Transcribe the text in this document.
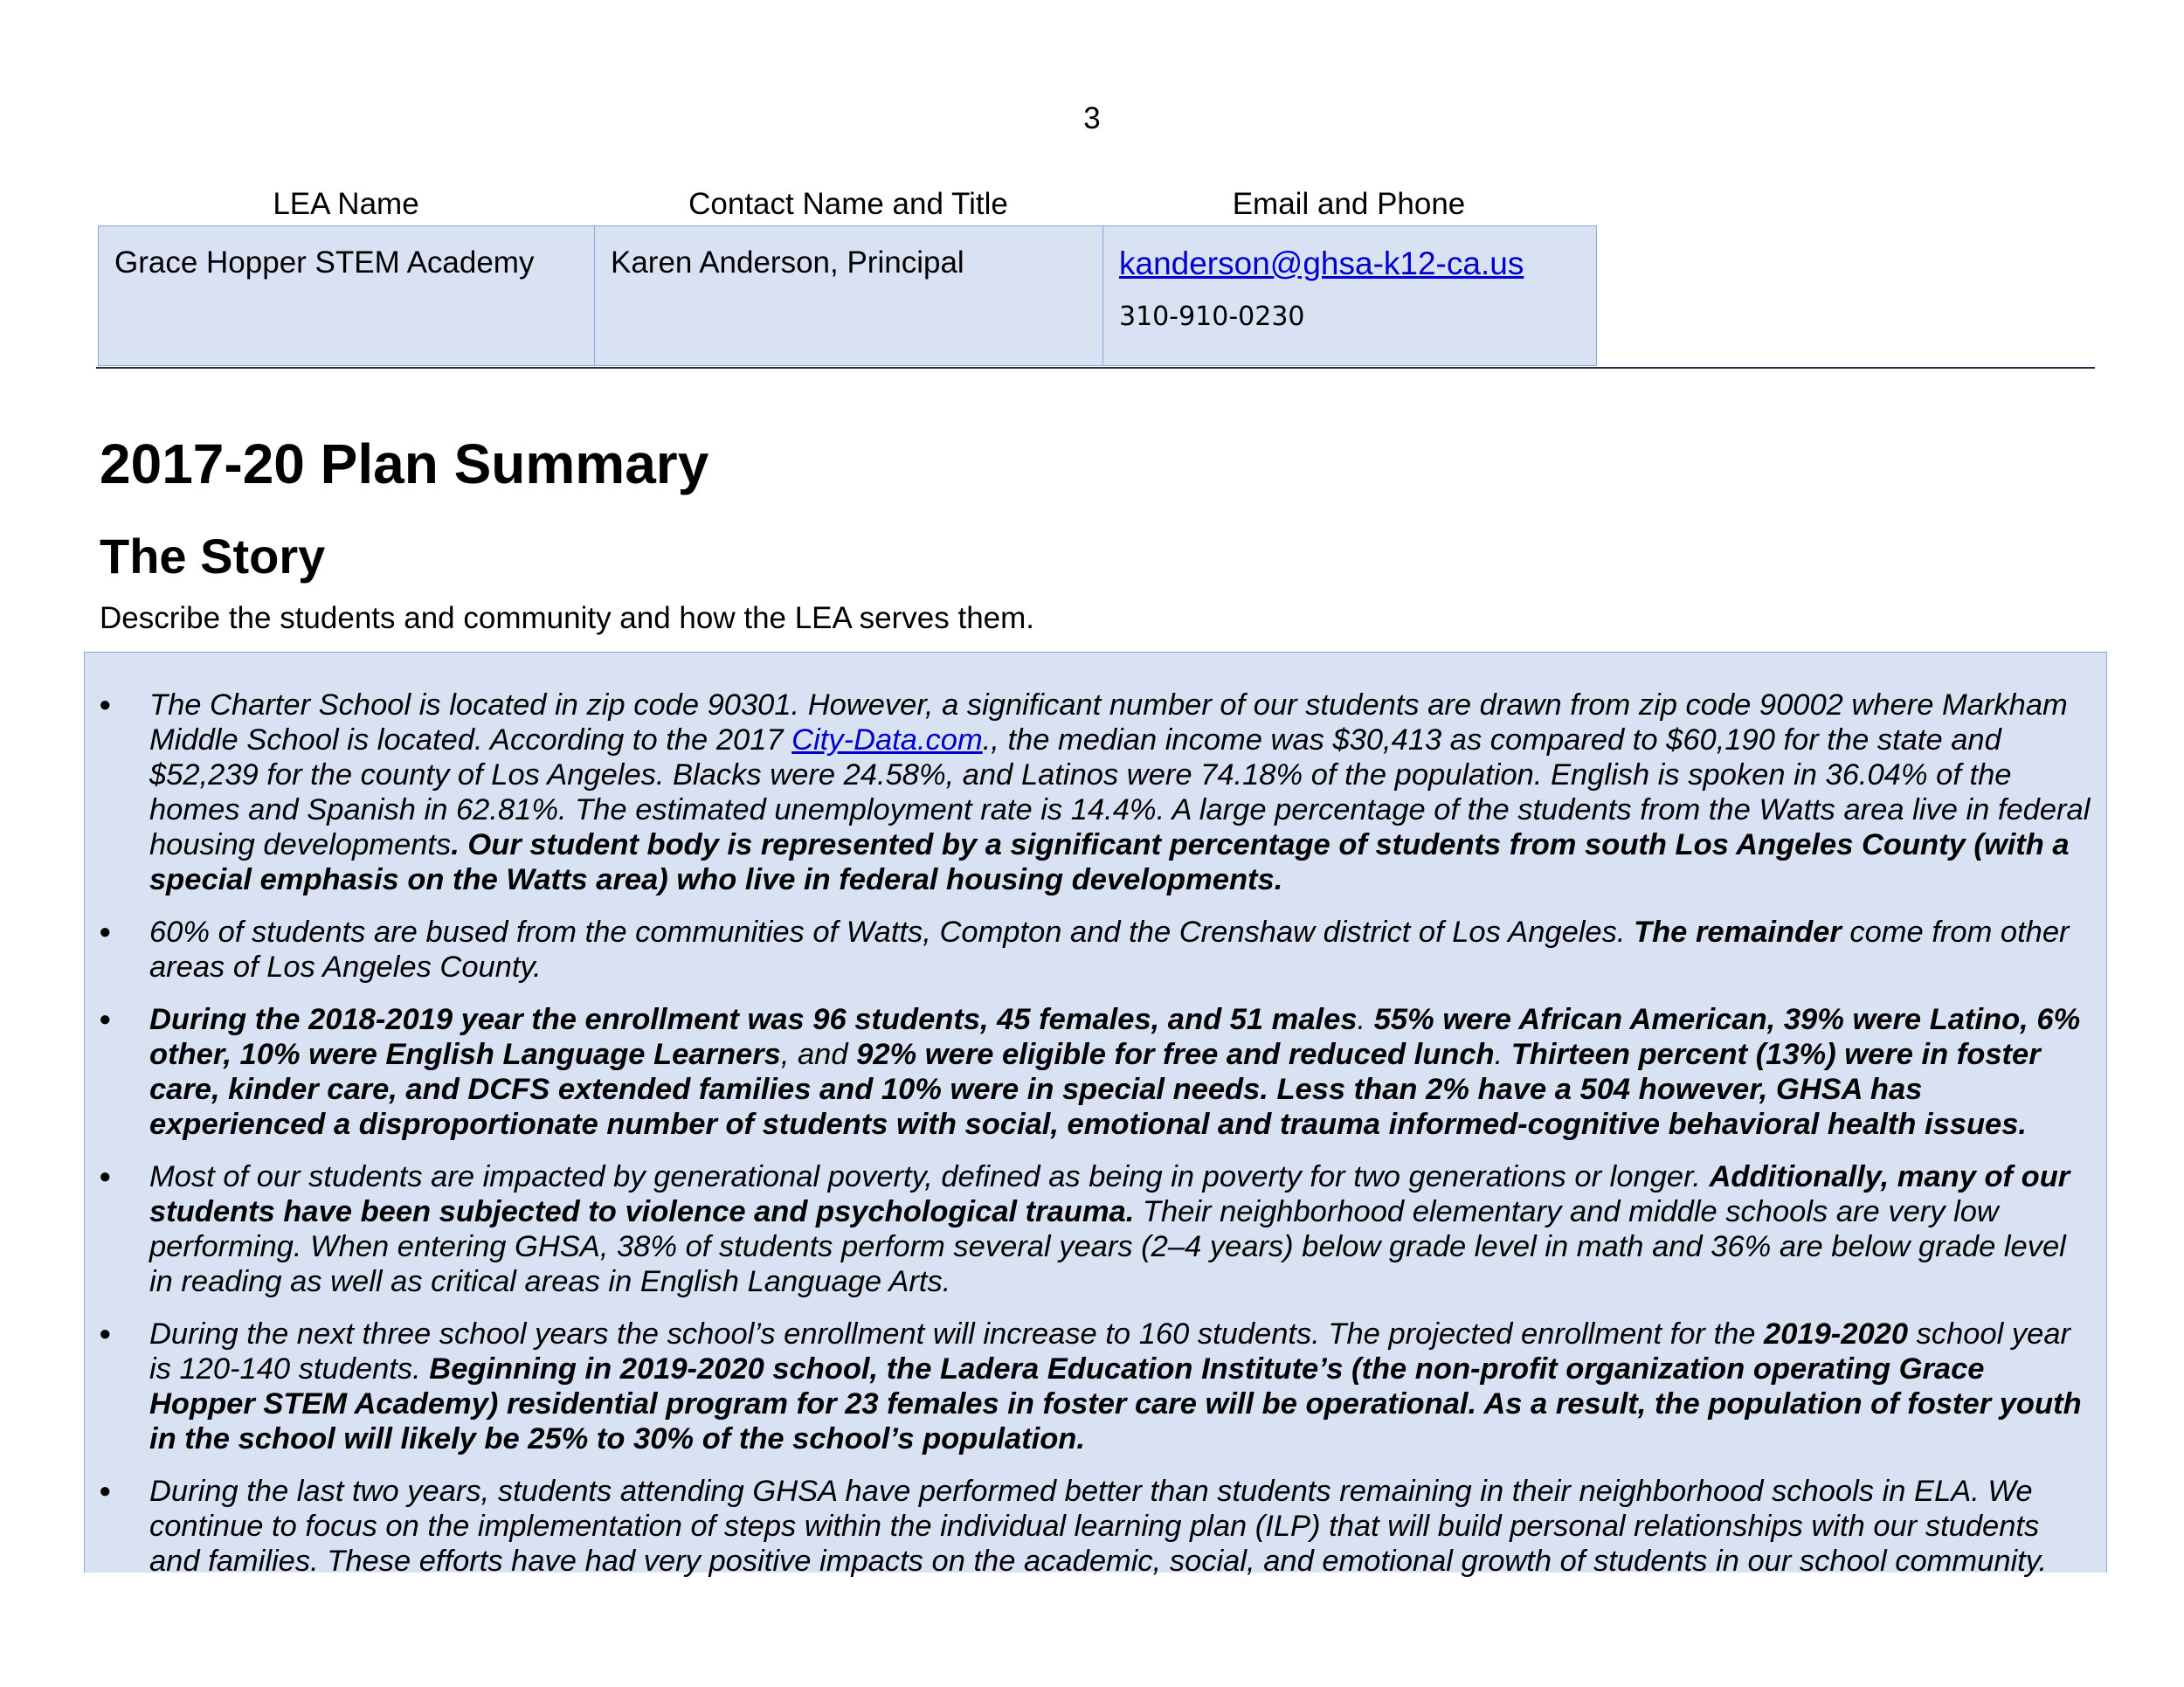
3
LEA Name	Contact Name and Title	Email and Phone
Grace Hopper STEM Academy	Karen Anderson, Principal	kanderson@ghsa-k12-ca.us
310-910-0230
2017-20 Plan Summary
The Story
Describe the students and community and how the LEA serves them.
● The Charter School is located in zip code 90301. However, a significant number of our students are drawn from zip code 90002 where Markham Middle School is located. According to the 2017 City-Data.com., the median income was $30,413 as compared to $60,190 for the state and $52,239 for the county of Los Angeles. Blacks were 24.58%, and Latinos were 74.18% of the population. English is spoken in 36.04% of the homes and Spanish in 62.81%. The estimated unemployment rate is 14.4%. A large percentage of the students from the Watts area live in federal housing developments. Our student body is represented by a significant percentage of students from south Los Angeles County (with a special emphasis on the Watts area) who live in federal housing developments.
● 60% of students are bused from the communities of Watts, Compton and the Crenshaw district of Los Angeles. The remainder come from other areas of Los Angeles County.
● During the 2018-2019 year the enrollment was 96 students, 45 females, and 51 males. 55% were African American, 39% were Latino, 6% other, 10% were English Language Learners, and 92% were eligible for free and reduced lunch. Thirteen percent (13%) were in foster care, kinder care, and DCFS extended families and 10% were in special needs. Less than 2% have a 504 however, GHSA has experienced a disproportionate number of students with social, emotional and trauma informed-cognitive behavioral health issues.
● Most of our students are impacted by generational poverty, defined as being in poverty for two generations or longer. Additionally, many of our students have been subjected to violence and psychological trauma. Their neighborhood elementary and middle schools are very low performing. When entering GHSA, 38% of students perform several years (2–4 years) below grade level in math and 36% are below grade level in reading as well as critical areas in English Language Arts.
● During the next three school years the school’s enrollment will increase to 160 students. The projected enrollment for the 2019-2020 school year is 120-140 students. Beginning in 2019-2020 school, the Ladera Education Institute’s (the non-profit organization operating Grace Hopper STEM Academy) residential program for 23 females in foster care will be operational. As a result, the population of foster youth in the school will likely be 25% to 30% of the school’s population.
● During the last two years, students attending GHSA have performed better than students remaining in their neighborhood schools in ELA. We continue to focus on the implementation of steps within the individual learning plan (ILP) that will build personal relationships with our students and families. These efforts have had very positive impacts on the academic, social, and emotional growth of students in our school community.
